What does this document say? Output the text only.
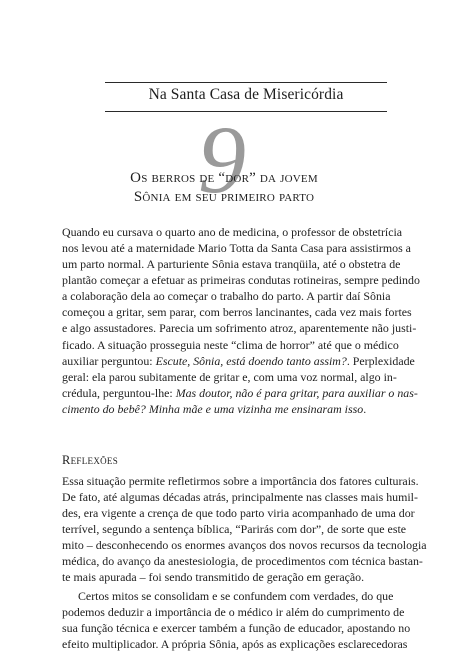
Na Santa Casa de Misericórdia
9
Os berros de “dor” da jovem
Sônia em seu primeiro parto
Quando eu cursava o quarto ano de medicina, o professor de obstetrícia
nos levou até a maternidade Mario Totta da Santa Casa para assistirmos a
um parto normal. A parturiente Sônia estava tranqüila, até o obstetra de
plantão começar a efetuar as primeiras condutas rotineiras, sempre pedindo
a colaboração dela ao começar o trabalho do parto. A partir daí Sônia
começou a gritar, sem parar, com berros lancinantes, cada vez mais fortes
e algo assustadores. Parecia um sofrimento atroz, aparentemente não justi-
ficado. A situação prosseguia neste “clima de horror” até que o médico
auxiliar perguntou: Escute, Sônia, está doendo tanto assim?. Perplexidade
geral: ela parou subitamente de gritar e, com uma voz normal, algo in-
crédula, perguntou-lhe: Mas doutor, não é para gritar, para auxiliar o nas-
cimento do bebê? Minha mãe e uma vizinha me ensinaram isso.
Reflexões
Essa situação permite refletirmos sobre a importância dos fatores culturais.
De fato, até algumas décadas atrás, principalmente nas classes mais humil-
des, era vigente a crença de que todo parto viria acompanhado de uma dor
terrível, segundo a sentença bíblica, “Parirás com dor”, de sorte que este
mito – desconhecendo os enormes avanços dos novos recursos da tecnologia
médica, do avanço da anestesiologia, de procedimentos com técnica bastan-
te mais apurada – foi sendo transmitido de geração em geração.
Certos mitos se consolidam e se confundem com verdades, do que
podemos deduzir a importância de o médico ir além do cumprimento de
sua função técnica e exercer também a função de educador, apostando no
efeito multiplicador. A própria Sônia, após as explicações esclarecedoras
